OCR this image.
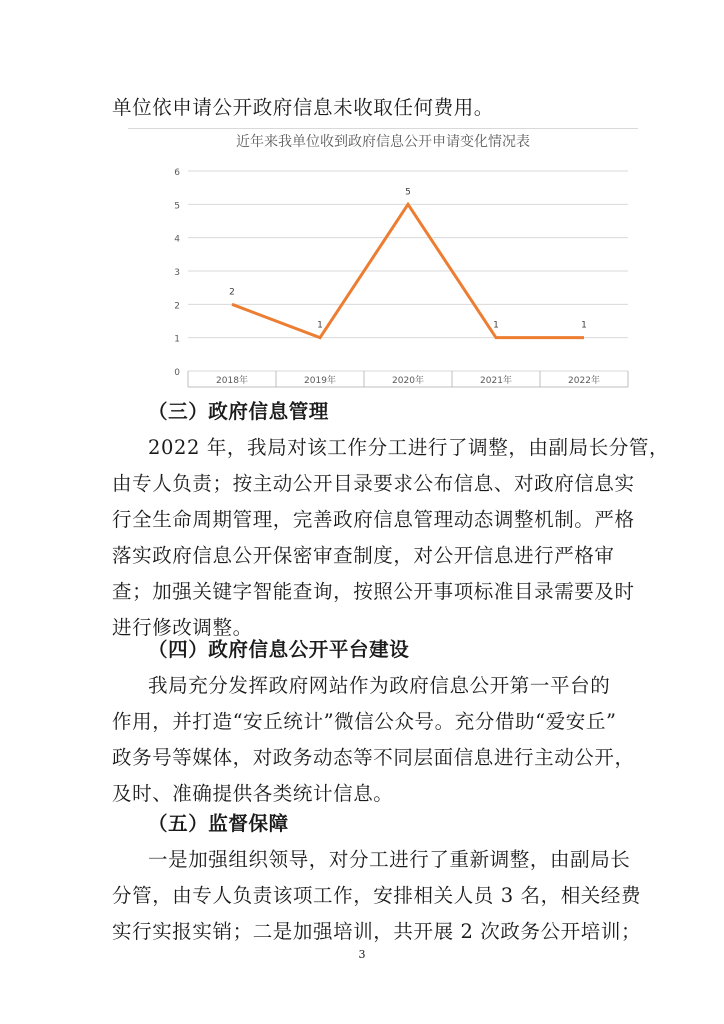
单位依申请公开政府信息未收取任何费用。
近年来我单位收到政府信息公开申请变化情况表
0
1
2
3
4
5
6
2018年	2019年	2020年	2021年	2022年
2
1
5
1	1
（三）政府信息管理
2022 年，我局对该工作分工进行了调整，由副局长分管，
由专人负责；按主动公开目录要求公布信息、对政府信息实
行全生命周期管理，完善政府信息管理动态调整机制。严格
落实政府信息公开保密审查制度，对公开信息进行严格审
查；加强关键字智能查询，按照公开事项标准目录需要及时
进行修改调整。
（四）政府信息公开平台建设
我局充分发挥政府网站作为政府信息公开第一平台的
作用，并打造“安丘统计”微信公众号。充分借助“爱安丘”
政务号等媒体，对政务动态等不同层面信息进行主动公开，
及时、准确提供各类统计信息。
（五）监督保障
一是加强组织领导，对分工进行了重新调整，由副局长
分管，由专人负责该项工作，安排相关人员 3 名，相关经费
实行实报实销；二是加强培训，共开展 2 次政务公开培训；
3
